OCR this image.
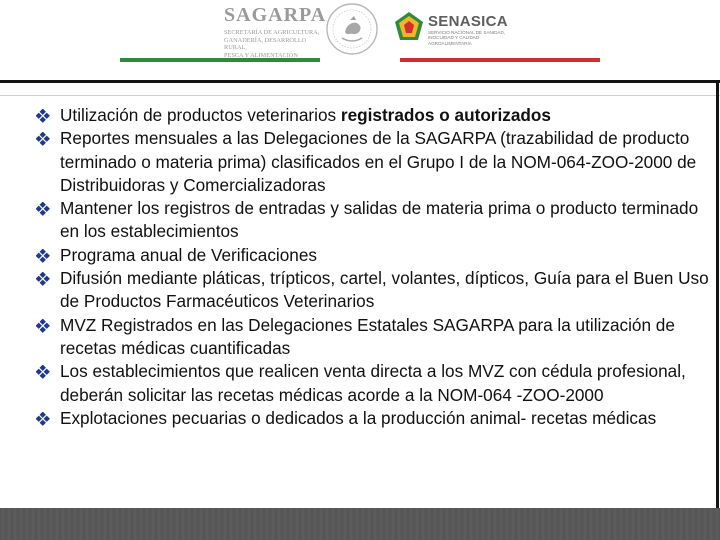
SAGARPA
SECRETARÍA DE AGRICULTURA,
GANADERÍA, DESARROLLO RURAL,
PESCA Y ALIMENTACIÓN
SENASICA
SERVICIO NACIONAL DE SANIDAD,
INOCUIDAD Y CALIDAD
AGROALIMENTARIA
Utilización de productos veterinarios registrados o autorizados
Reportes mensuales a las Delegaciones de la SAGARPA (trazabilidad de producto terminado o materia prima) clasificados en el Grupo I de la NOM-064-ZOO-2000 de Distribuidoras y Comercializadoras
Mantener los registros de entradas y salidas de materia prima o producto terminado en los establecimientos
Programa anual de Verificaciones
Difusión mediante pláticas, trípticos, cartel, volantes, dípticos, Guía para el Buen Uso de Productos Farmacéuticos Veterinarios
MVZ Registrados en las Delegaciones Estatales SAGARPA para la utilización de recetas médicas cuantificadas
Los establecimientos que realicen venta directa a los MVZ con cédula profesional, deberán solicitar las recetas médicas acorde a la NOM-064 -ZOO-2000
Explotaciones pecuarias o dedicados a la producción animal- recetas médicas
